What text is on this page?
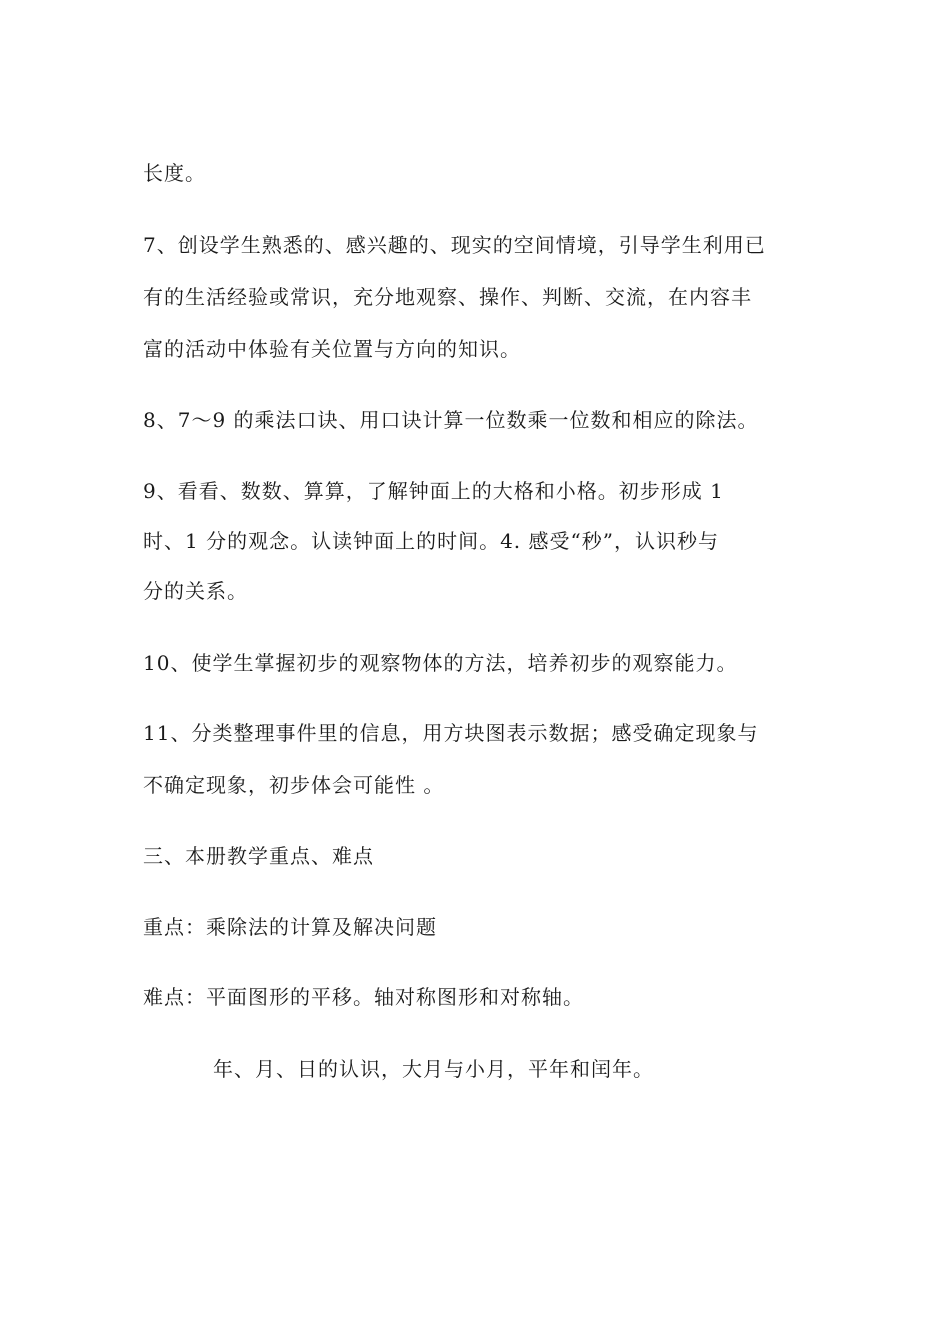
长度。
7、创设学生熟悉的、感兴趣的、现实的空间情境，引导学生利用已
有的生活经验或常识，充分地观察、操作、判断、交流，在内容丰
富的活动中体验有关位置与方向的知识。
8、7～9 的乘法口诀、用口诀计算一位数乘一位数和相应的除法。
9、看看、数数、算算，了解钟面上的大格和小格。初步形成 1
时、1 分的观念。认读钟面上的时间。4. 感受“秒”，认识秒与
分的关系。
10、使学生掌握初步的观察物体的方法，培养初步的观察能力。
11、分类整理事件里的信息，用方块图表示数据；感受确定现象与
不确定现象，初步体会可能性 。
三、本册教学重点、难点
重点：乘除法的计算及解决问题
难点：平面图形的平移。轴对称图形和对称轴。
年、月、日的认识，大月与小月，平年和闰年。
